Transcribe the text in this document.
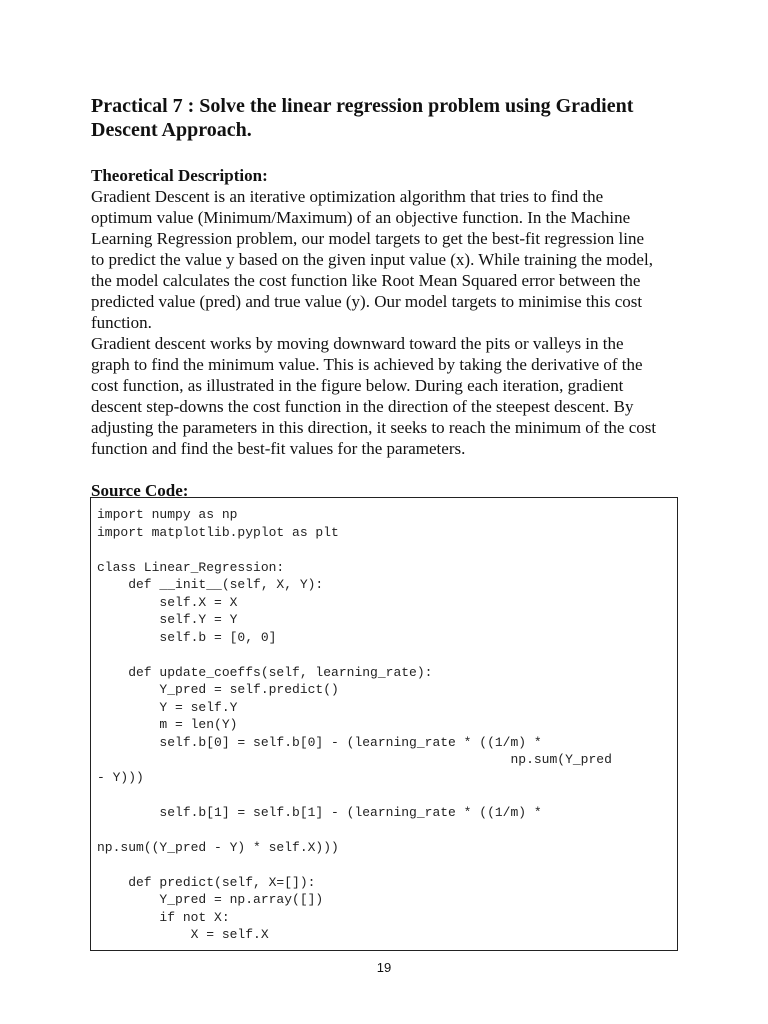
Practical 7 : Solve the linear regression problem using Gradient
Descent Approach.
Theoretical Description:

Gradient Descent is an iterative optimization algorithm that tries to find the

optimum value (Minimum/Maximum) of an objective function. In the Machine

Learning Regression problem, our model targets to get the best-fit regression line

to predict the value y based on the given input value (x). While training the model,

the model calculates the cost function like Root Mean Squared error between the

predicted value (pred) and true value (y). Our model targets to minimise this cost

function.

Gradient descent works by moving downward toward the pits or valleys in the

graph to find the minimum value. This is achieved by taking the derivative of the

cost function, as illustrated in the figure below. During each iteration, gradient

descent step-downs the cost function in the direction of the steepest descent. By

adjusting the parameters in this direction, it seeks to reach the minimum of the cost

function and find the best-fit values for the parameters.

Source Code:
import numpy as np
import matplotlib.pyplot as plt

class Linear_Regression:
def __init__(self, X, Y):
self.X = X
self.Y = Y
self.b = [0, 0]

def update_coeffs(self, learning_rate):
Y_pred = self.predict()
Y = self.Y
m = len(Y)
self.b[0] = self.b[0] - (learning_rate * ((1/m) *
np.sum(Y_pred
- Y)))

self.b[1] = self.b[1] - (learning_rate * ((1/m) *

np.sum((Y_pred - Y) * self.X)))

def predict(self, X=[]):
Y_pred = np.array([])
if not X:
X = self.X
19
